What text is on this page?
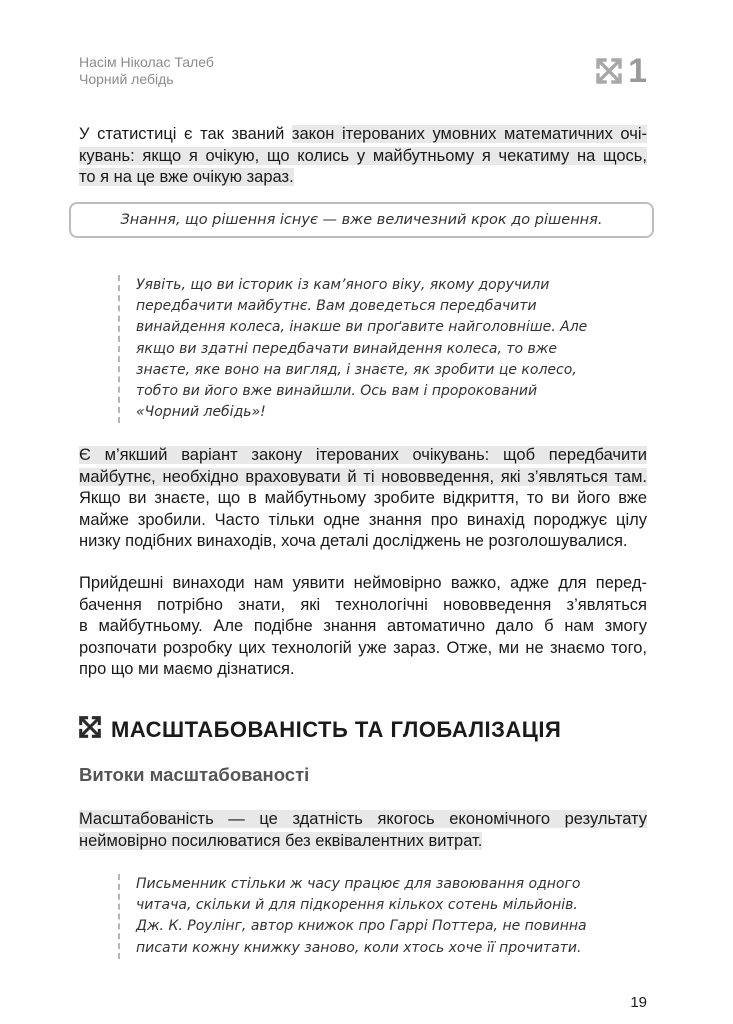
Насім Ніколас Талеб
Чорний лебідь	1
У статистиці є так званий закон ітерованих умовних математичних очі-
кувань: якщо я очікую, що колись у майбутньому я чекатиму на щось,
то я на це вже очікую зараз.
Знання, що рішення існує — вже величезний крок до рішення.
Уявіть, що ви історик із кам’яного віку, якому доручили
передбачити майбутнє. Вам доведеться передбачити
винайдення колеса, інакше ви проґавите найголовніше. Але
якщо ви здатні передбачати винайдення колеса, то вже
знаєте, яке воно на вигляд, і знаєте, як зробити це колесо,
тобто ви його вже винайшли. Ось вам і пророкований
«Чорний лебідь»!
Є м’якший варіант закону ітерованих очікувань: щоб передбачити
майбутнє, необхідно враховувати й ті нововведення, які з’являться там.
Якщо ви знаєте, що в майбутньому зробите відкриття, то ви його вже
майже зробили. Часто тільки одне знання про винахід породжує цілу
низку подібних винаходів, хоча деталі досліджень не розголошувалися.
Прийдешні винаходи нам уявити неймовірно важко, адже для перед-
бачення потрібно знати, які технологічні нововведення з’являться
в майбутньому. Але подібне знання автоматично дало б нам змогу
розпочати розробку цих технологій уже зараз. Отже, ми не знаємо того,
про що ми маємо дізнатися.
МАСШТАБОВАНІСТЬ ТА ГЛОБАЛІЗАЦІЯ
Витоки масштабованості
Масштабованість — це здатність якогось економічного результату
неймовірно посилюватися без еквівалентних витрат.
Письменник стільки ж часу працює для завоювання одного
читача, скільки й для підкорення кількох сотень мільйонів.
Дж. К. Роулінг, автор книжок про Гаррі Поттера, не повинна
писати кожну книжку заново, коли хтось хоче її прочитати.
19
